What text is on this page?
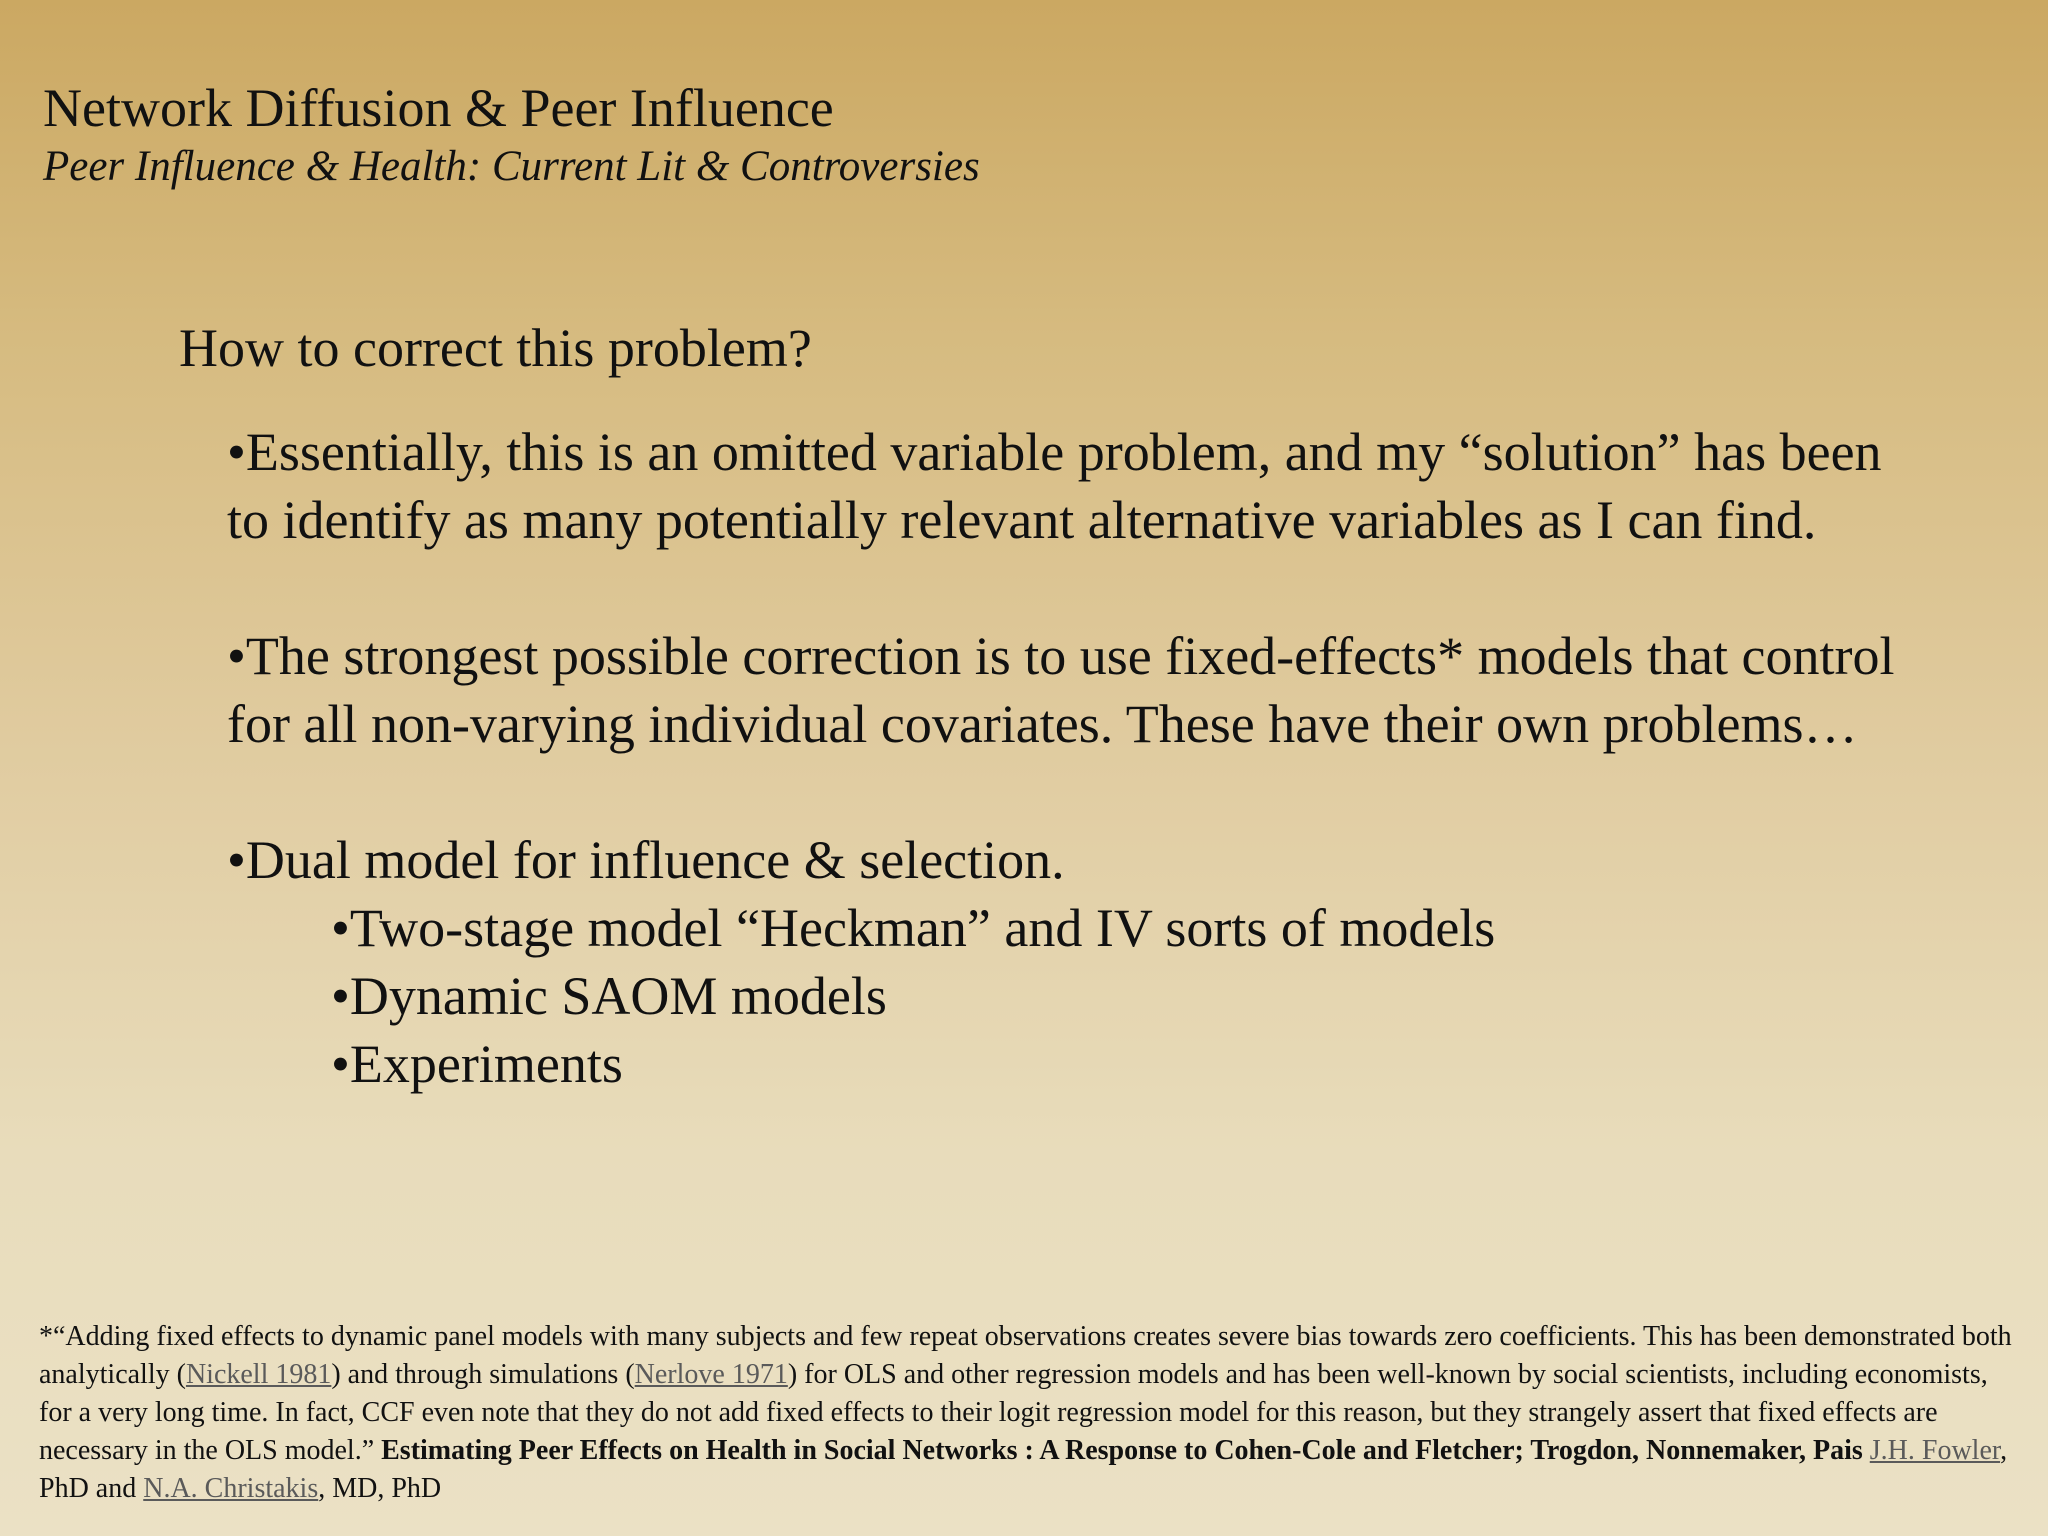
Network Diffusion & Peer Influence
Peer Influence & Health: Current Lit & Controversies
How to correct this problem?

•Essentially, this is an omitted variable problem, and my “solution” has been to identify as many potentially relevant alternative variables as I can find.

•The strongest possible correction is to use fixed-effects* models that control for all non-varying individual covariates. These have their own problems…

•Dual model for influence & selection.

•Two-stage model “Heckman” and IV sorts of models

•Dynamic SAOM models

•Experiments

*“Adding fixed effects to dynamic panel models with many subjects and few repeat observations creates severe bias towards zero coefficients. This has been demonstrated both analytically (Nickell 1981) and through simulations (Nerlove 1971) for OLS and other regression models and has been well-known by social scientists, including economists, for a very long time. In fact, CCF even note that they do not add fixed effects to their logit regression model for this reason, but they strangely assert that fixed effects are necessary in the OLS model.” Estimating Peer Effects on Health in Social Networks : A Response to Cohen-Cole and Fletcher; Trogdon, Nonnemaker, Pais J.H. Fowler, PhD and N.A. Christakis, MD, PhD
